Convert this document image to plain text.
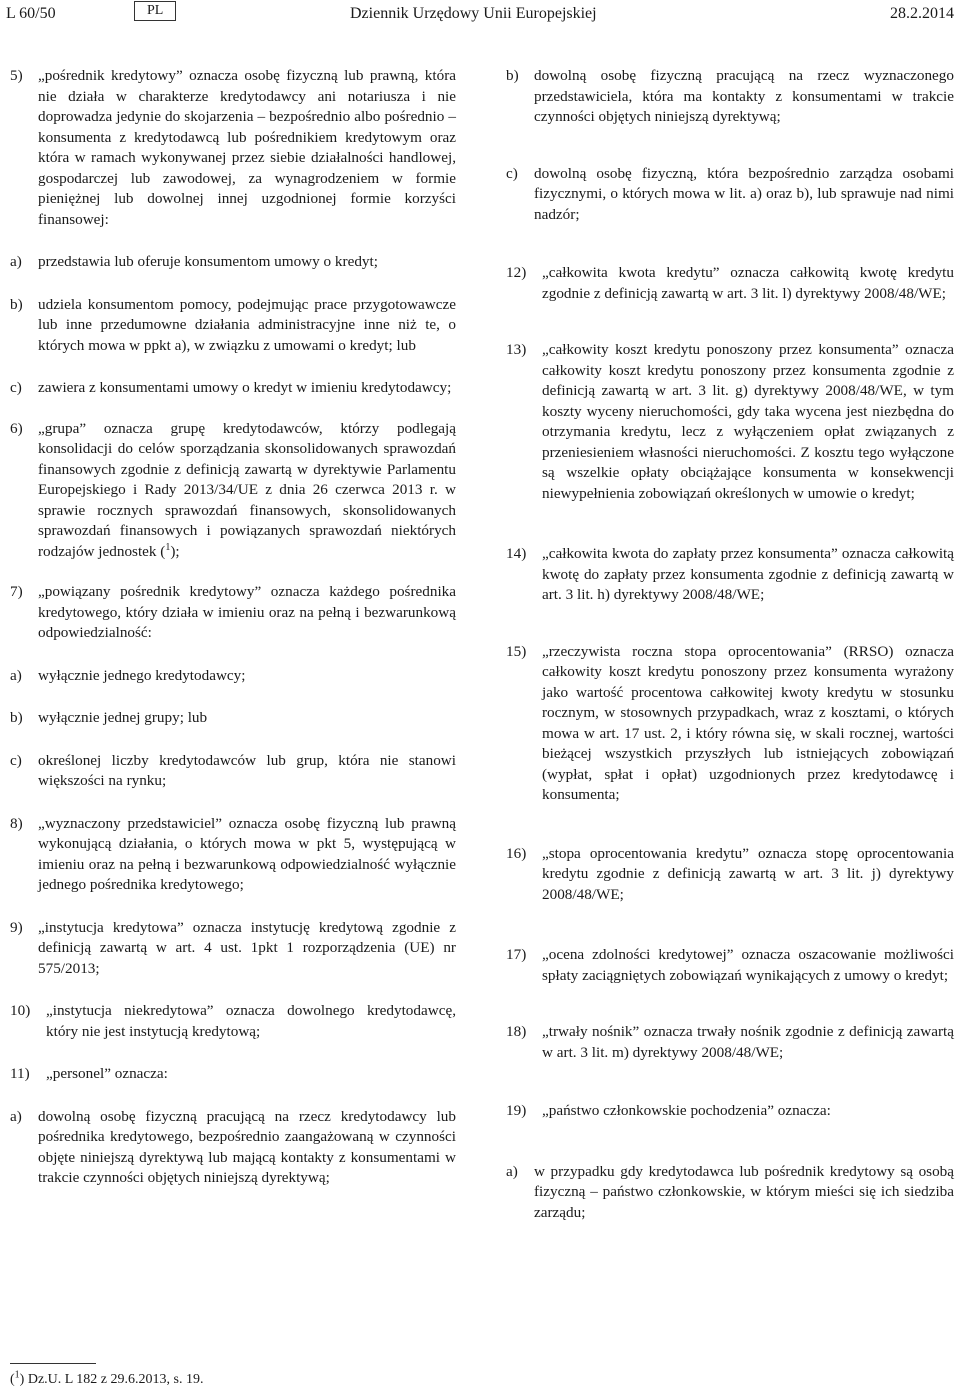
L 60/50	PL	Dziennik Urzędowy Unii Europejskiej	28.2.2014
5) „pośrednik kredytowy” oznacza osobę fizyczną lub prawną, która nie działa w charakterze kredytodawcy ani notariusza i nie doprowadza jedynie do skojarzenia – bezpośrednio albo pośrednio – konsumenta z kredytodawcą lub pośrednikiem kredytowym oraz która w ramach wykonywanej przez siebie działalności handlowej, gospodarczej lub zawodowej, za wynagrodzeniem w formie pieniężnej lub dowolnej innej uzgodnionej formie korzyści finansowej:
a) przedstawia lub oferuje konsumentom umowy o kredyt;
b) udziela konsumentom pomocy, podejmując prace przygotowawcze lub inne przedumowne działania administracyjne inne niż te, o których mowa w ppkt a), w związku z umowami o kredyt; lub
c) zawiera z konsumentami umowy o kredyt w imieniu kredytodawcy;
6) „grupa” oznacza grupę kredytodawców, którzy podlegają konsolidacji do celów sporządzania skonsolidowanych sprawozdań finansowych zgodnie z definicją zawartą w dyrektywie Parlamentu Europejskiego i Rady 2013/34/UE z dnia 26 czerwca 2013 r. w sprawie rocznych sprawozdań finansowych, skonsolidowanych sprawozdań finansowych i powiązanych sprawozdań niektórych rodzajów jednostek ($^1$);
7) „powiązany pośrednik kredytowy” oznacza każdego pośrednika kredytowego, który działa w imieniu oraz na pełną i bezwarunkową odpowiedzialność:
a) wyłącznie jednego kredytodawcy;
b) wyłącznie jednej grupy; lub
c) określonej liczby kredytodawców lub grup, która nie stanowi większości na rynku;
8) „wyznaczony przedstawiciel” oznacza osobę fizyczną lub prawną wykonującą działania, o których mowa w pkt 5, występującą w imieniu oraz na pełną i bezwarunkową odpowiedzialność wyłącznie jednego pośrednika kredytowego;
9) „instytucja kredytowa” oznacza instytucję kredytową zgodnie z definicją zawartą w art. 4 ust. 1pkt 1 rozporządzenia (UE) nr 575/2013;
10) „instytucja niekredytowa” oznacza dowolnego kredytodawcę, który nie jest instytucją kredytową;
11) „personel” oznacza:
a) dowolną osobę fizyczną pracującą na rzecz kredytodawcy lub pośrednika kredytowego, bezpośrednio zaangażowaną w czynności objęte niniejszą dyrektywą lub mającą kontakty z konsumentami w trakcie czynności objętych niniejszą dyrektywą;
b) dowolną osobę fizyczną pracującą na rzecz wyznaczonego przedstawiciela, która ma kontakty z konsumentami w trakcie czynności objętych niniejszą dyrektywą;
c) dowolną osobę fizyczną, która bezpośrednio zarządza osobami fizycznymi, o których mowa w lit. a) oraz b), lub sprawuje nad nimi nadzór;
12) „całkowita kwota kredytu” oznacza całkowitą kwotę kredytu zgodnie z definicją zawartą w art. 3 lit. l) dyrektywy 2008/48/WE;
13) „całkowity koszt kredytu ponoszony przez konsumenta” oznacza całkowity koszt kredytu ponoszony przez konsumenta zgodnie z definicją zawartą w art. 3 lit. g) dyrektywy 2008/48/WE, w tym koszty wyceny nieruchomości, gdy taka wycena jest niezbędna do otrzymania kredytu, lecz z wyłączeniem opłat związanych z przeniesieniem własności nieruchomości. Z kosztu tego wyłączone są wszelkie opłaty obciążające konsumenta w konsekwencji niewypełnienia zobowiązań określonych w umowie o kredyt;
14) „całkowita kwota do zapłaty przez konsumenta” oznacza całkowitą kwotę do zapłaty przez konsumenta zgodnie z definicją zawartą w art. 3 lit. h) dyrektywy 2008/48/WE;
15) „rzeczywista roczna stopa oprocentowania” (RRSO) oznacza całkowity koszt kredytu ponoszony przez konsumenta wyrażony jako wartość procentowa całkowitej kwoty kredytu w stosunku rocznym, w stosownych przypadkach, wraz z kosztami, o których mowa w art. 17 ust. 2, i który równa się, w skali rocznej, wartości bieżącej wszystkich przyszłych lub istniejących zobowiązań (wypłat, spłat i opłat) uzgodnionych przez kredytodawcę i konsumenta;
16) „stopa oprocentowania kredytu” oznacza stopę oprocentowania kredytu zgodnie z definicją zawartą w art. 3 lit. j) dyrektywy 2008/48/WE;
17) „ocena zdolności kredytowej” oznacza oszacowanie możliwości spłaty zaciągniętych zobowiązań wynikających z umowy o kredyt;
18) „trwały nośnik” oznacza trwały nośnik zgodnie z definicją zawartą w art. 3 lit. m) dyrektywy 2008/48/WE;
19) „państwo członkowskie pochodzenia” oznacza:
a) w przypadku gdy kredytodawca lub pośrednik kredytowy są osobą fizyczną – państwo członkowskie, w którym mieści się ich siedziba zarządu;
($^1$) Dz.U. L 182 z 29.6.2013, s. 19.
